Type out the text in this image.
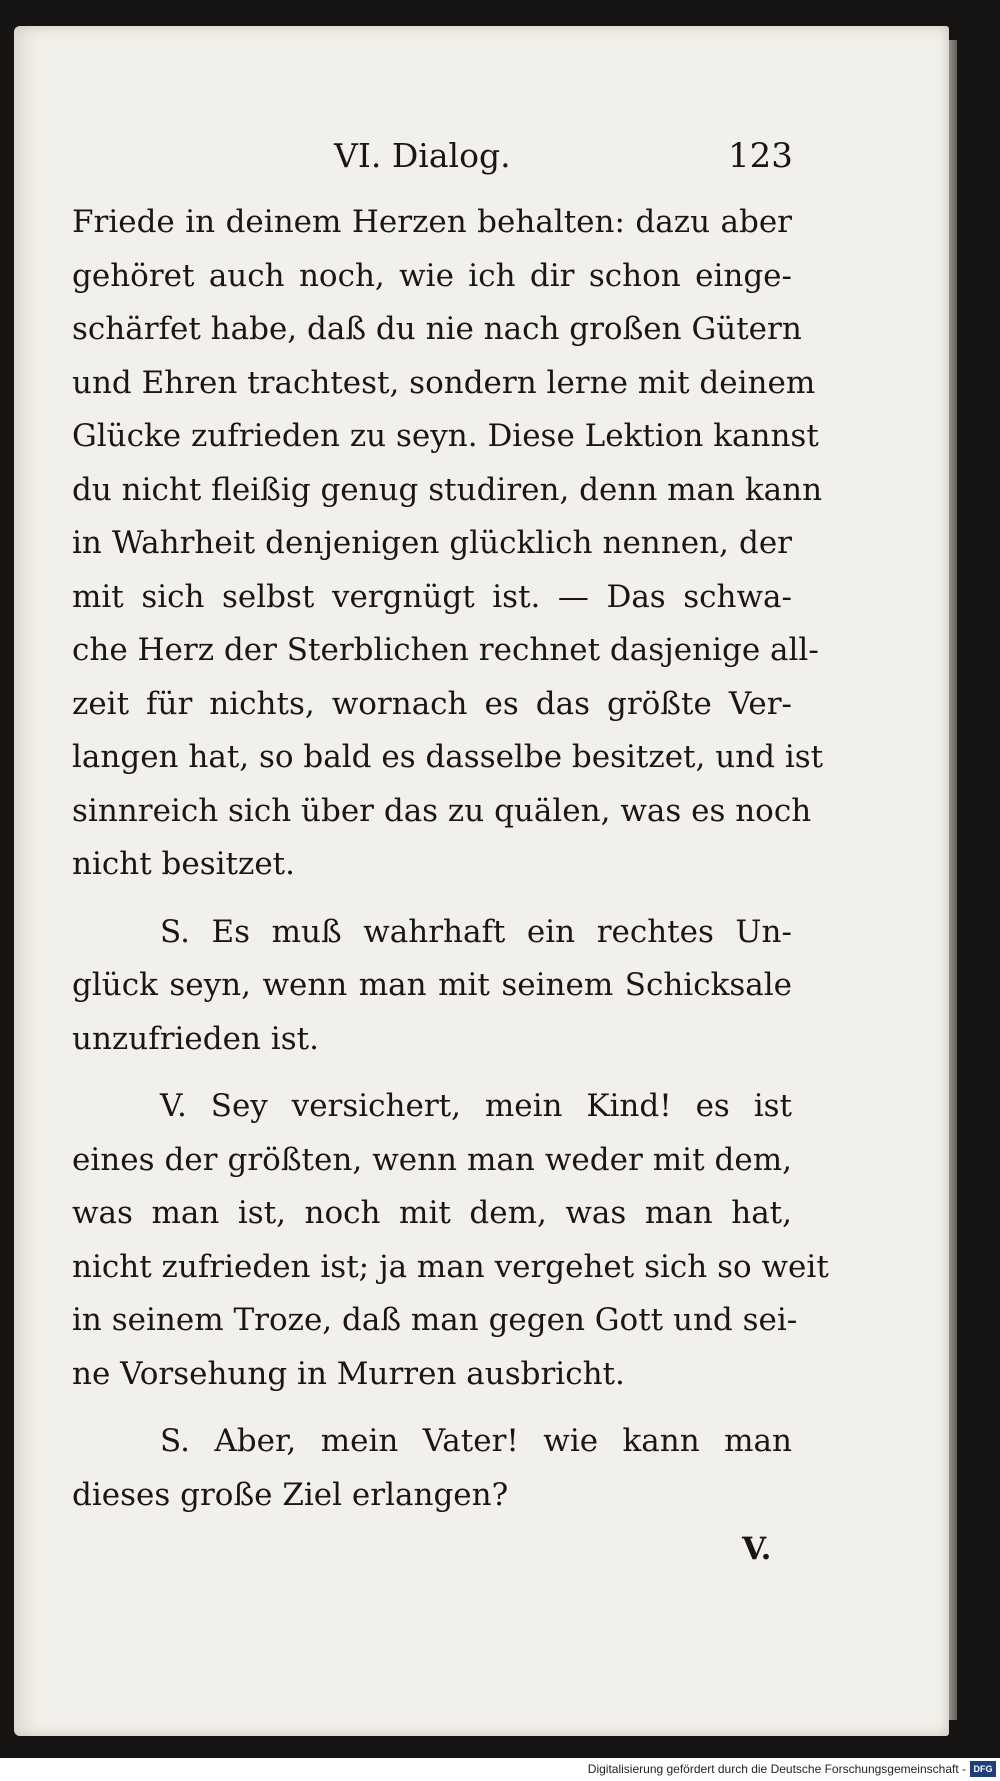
VI. Dialog.	123
Friede in deinem Herzen behalten: dazu aber
gehöret auch noch, wie ich dir schon einge-
schärfet habe, daß du nie nach großen Gütern
und Ehren trachtest, sondern lerne mit deinem
Glücke zufrieden zu seyn. Diese Lektion kannst
du nicht fleißig genug studiren, denn man kann
in Wahrheit denjenigen glücklich nennen, der
mit sich selbst vergnügt ist. — Das schwa-
che Herz der Sterblichen rechnet dasjenige all-
zeit für nichts, wornach es das größte Ver-
langen hat, so bald es dasselbe besitzet, und ist
sinnreich sich über das zu quälen, was es noch
nicht besitzet.
S. Es muß wahrhaft ein rechtes Un-
glück seyn, wenn man mit seinem Schicksale
unzufrieden ist.
V. Sey versichert, mein Kind! es ist
eines der größten, wenn man weder mit dem,
was man ist, noch mit dem, was man hat,
nicht zufrieden ist; ja man vergehet sich so weit
in seinem Troze, daß man gegen Gott und sei-
ne Vorsehung in Murren ausbricht.
S. Aber, mein Vater! wie kann man
dieses große Ziel erlangen?
V.
Digitalisierung gefördert durch die Deutsche Forschungsgemeinschaft - DFG
